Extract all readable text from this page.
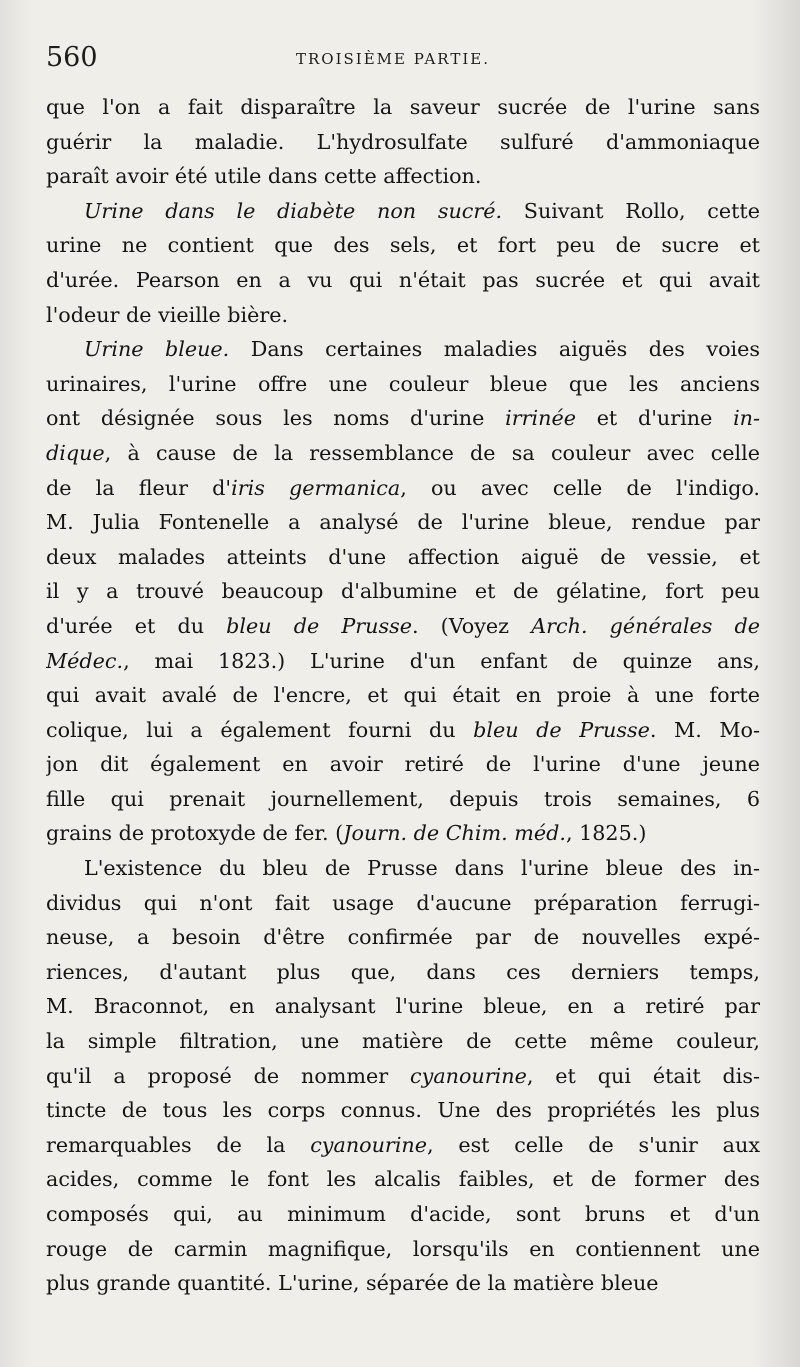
560	TROISIÈME PARTIE.
que l'on a fait disparaître la saveur sucrée de l'urine sans
guérir la maladie. L'hydrosulfate sulfuré d'ammoniaque
paraît avoir été utile dans cette affection.
Urine dans le diabète non sucré. Suivant Rollo, cette
urine ne contient que des sels, et fort peu de sucre et
d'urée. Pearson en a vu qui n'était pas sucrée et qui avait
l'odeur de vieille bière.
Urine bleue. Dans certaines maladies aiguës des voies
urinaires, l'urine offre une couleur bleue que les anciens
ont désignée sous les noms d'urine irrinée et d'urine in-
dique, à cause de la ressemblance de sa couleur avec celle
de la fleur d'iris germanica, ou avec celle de l'indigo.
M. Julia Fontenelle a analysé de l'urine bleue, rendue par
deux malades atteints d'une affection aiguë de vessie, et
il y a trouvé beaucoup d'albumine et de gélatine, fort peu
d'urée et du bleu de Prusse. (Voyez Arch. générales de
Médec., mai 1823.) L'urine d'un enfant de quinze ans,
qui avait avalé de l'encre, et qui était en proie à une forte
colique, lui a également fourni du bleu de Prusse. M. Mo-
jon dit également en avoir retiré de l'urine d'une jeune
fille qui prenait journellement, depuis trois semaines, 6
grains de protoxyde de fer. (Journ. de Chim. méd., 1825.)
L'existence du bleu de Prusse dans l'urine bleue des in-
dividus qui n'ont fait usage d'aucune préparation ferrugi-
neuse, a besoin d'être confirmée par de nouvelles expé-
riences, d'autant plus que, dans ces derniers temps,
M. Braconnot, en analysant l'urine bleue, en a retiré par
la simple filtration, une matière de cette même couleur,
qu'il a proposé de nommer cyanourine, et qui était dis-
tincte de tous les corps connus. Une des propriétés les plus
remarquables de la cyanourine, est celle de s'unir aux
acides, comme le font les alcalis faibles, et de former des
composés qui, au minimum d'acide, sont bruns et d'un
rouge de carmin magnifique, lorsqu'ils en contiennent une
plus grande quantité. L'urine, séparée de la matière bleue
